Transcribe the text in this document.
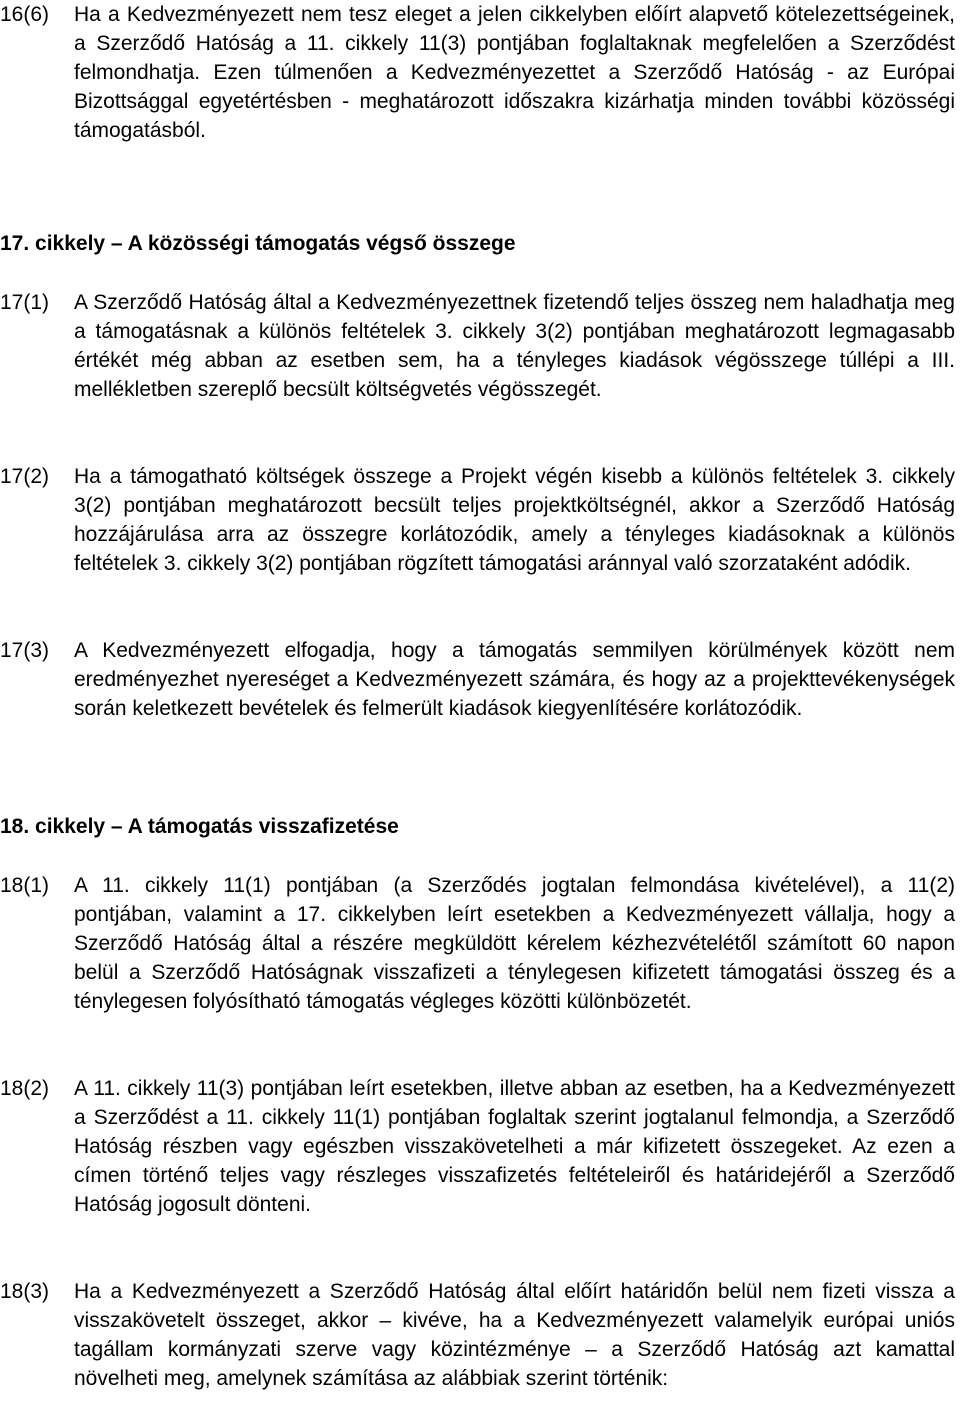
16(6) Ha a Kedvezményezett nem tesz eleget a jelen cikkelyben előírt alapvető kötelezettségeinek, a Szerződő Hatóság a 11. cikkely 11(3) pontjában foglaltaknak megfelelően a Szerződést felmondhatja. Ezen túlmenően a Kedvezményezettet a Szerződő Hatóság - az Európai Bizottsággal egyetértésben - meghatározott időszakra kizárhatja minden további közösségi támogatásból.
17. cikkely – A közösségi támogatás végső összege
17(1) A Szerződő Hatóság által a Kedvezményezettnek fizetendő teljes összeg nem haladhatja meg a támogatásnak a különös feltételek 3. cikkely 3(2) pontjában meghatározott legmagasabb értékét még abban az esetben sem, ha a tényleges kiadások végösszege túllépi a III. mellékletben szereplő becsült költségvetés végösszegét.
17(2) Ha a támogatható költségek összege a Projekt végén kisebb a különös feltételek 3. cikkely 3(2) pontjában meghatározott becsült teljes projektköltségnél, akkor a Szerződő Hatóság hozzájárulása arra az összegre korlátozódik, amely a tényleges kiadásoknak a különös feltételek 3. cikkely 3(2) pontjában rögzített támogatási aránnyal való szorzataként adódik.
17(3) A Kedvezményezett elfogadja, hogy a támogatás semmilyen körülmények között nem eredményezhet nyereséget a Kedvezményezett számára, és hogy az a projekttevékenységek során keletkezett bevételek és felmerült kiadások kiegyenlítésére korlátozódik.
18. cikkely – A támogatás visszafizetése
18(1) A 11. cikkely 11(1) pontjában (a Szerződés jogtalan felmondása kivételével), a 11(2) pontjában, valamint a 17. cikkelyben leírt esetekben a Kedvezményezett vállalja, hogy a Szerződő Hatóság által a részére megküldött kérelem kézhezvételétől számított 60 napon belül a Szerződő Hatóságnak visszafizeti a ténylegesen kifizetett támogatási összeg és a ténylegesen folyósítható támogatás végleges közötti különbözetét.
18(2) A 11. cikkely 11(3) pontjában leírt esetekben, illetve abban az esetben, ha a Kedvezményezett a Szerződést a 11. cikkely 11(1) pontjában foglaltak szerint jogtalanul felmondja, a Szerződő Hatóság részben vagy egészben visszakövetelheti a már kifizetett összegeket. Az ezen a címen történő teljes vagy részleges visszafizetés feltételeiről és határidejéről a Szerződő Hatóság jogosult dönteni.
18(3) Ha a Kedvezményezett a Szerződő Hatóság által előírt határidőn belül nem fizeti vissza a visszakövetelt összeget, akkor – kivéve, ha a Kedvezményezett valamelyik európai uniós tagállam kormányzati szerve vagy közintézménye – a Szerződő Hatóság azt kamattal növelheti meg, amelynek számítása az alábbiak szerint történik:
